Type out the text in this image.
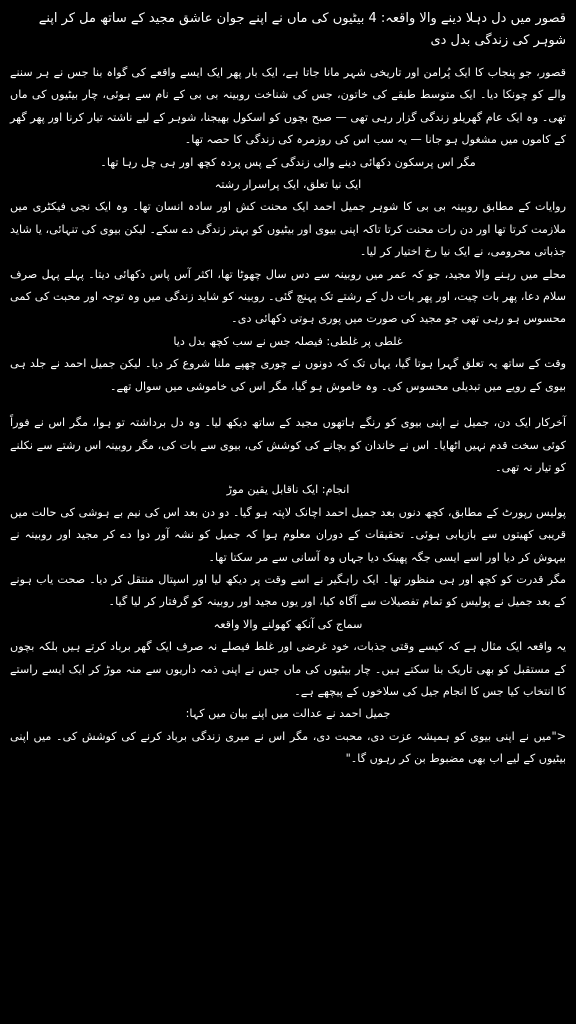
قصور میں دل دہلا دینے والا واقعہ: 4 بیٹیوں کی ماں نے اپنے جوان عاشق مجید کے ساتھ مل کر اپنے شوہر کی زندگی بدل دی

قصور، جو پنجاب کا ایک پُرامن اور تاریخی شہر مانا جاتا ہے، ایک بار پھر ایک ایسے واقعے کی گواہ بنا جس نے ہر سننے والے کو چونکا دیا۔ ایک متوسط طبقے کی خاتون، جس کی شناخت روبینہ بی بی کے نام سے ہوئی، چار بیٹیوں کی ماں تھی۔ وہ ایک عام گھریلو زندگی گزار رہی تھی — صبح بچوں کو اسکول بھیجنا، شوہر کے لیے ناشتہ تیار کرنا اور پھر گھر کے کاموں میں مشغول ہو جانا — یہ سب اس کی روزمرہ کی زندگی کا حصہ تھا۔

مگر اس پرسکون دکھائی دینے والی زندگی کے پس پردہ کچھ اور ہی چل رہا تھا۔

ایک نیا تعلق، ایک پراسرار رشتہ

روایات کے مطابق روبینہ بی بی کا شوہر جمیل احمد ایک محنت کش اور سادہ انسان تھا۔ وہ ایک نجی فیکٹری میں ملازمت کرتا تھا اور دن رات محنت کرتا تاکہ اپنی بیوی اور بیٹیوں کو بہتر زندگی دے سکے۔ لیکن بیوی کی تنہائی، یا شاید جذباتی محرومی، نے ایک نیا رخ اختیار کر لیا۔

محلے میں رہنے والا مجید، جو کہ عمر میں روبینہ سے دس سال چھوٹا تھا، اکثر آس پاس دکھائی دیتا۔ پہلے پہل صرف سلام دعا، پھر بات چیت، اور پھر بات دل کے رشتے تک پہنچ گئی۔ روبینہ کو شاید زندگی میں وہ توجہ اور محبت کی کمی محسوس ہو رہی تھی جو مجید کی صورت میں پوری ہوتی دکھائی دی۔

غلطی پر غلطی: فیصلہ جس نے سب کچھ بدل دیا

وقت کے ساتھ یہ تعلق گہرا ہوتا گیا، یہاں تک کہ دونوں نے چوری چھپے ملنا شروع کر دیا۔ لیکن جمیل احمد نے جلد ہی بیوی کے رویے میں تبدیلی محسوس کی۔ وہ خاموش ہو گیا، مگر اس کی خاموشی میں سوال تھے۔

آخرکار ایک دن، جمیل نے اپنی بیوی کو رنگے ہاتھوں مجید کے ساتھ دیکھ لیا۔ وہ دل برداشتہ تو ہوا، مگر اس نے فوراً کوئی سخت قدم نہیں اٹھایا۔ اس نے خاندان کو بچانے کی کوشش کی، بیوی سے بات کی، مگر روبینہ اس رشتے سے نکلنے کو تیار نہ تھی۔

انجام: ایک ناقابل یقین موڑ

پولیس رپورٹ کے مطابق، کچھ دنوں بعد جمیل احمد اچانک لاپتہ ہو گیا۔ دو دن بعد اس کی نیم بے ہوشی کی حالت میں قریبی کھیتوں سے بازیابی ہوئی۔ تحقیقات کے دوران معلوم ہوا کہ جمیل کو نشہ آور دوا دے کر مجید اور روبینہ نے بیہوش کر دیا اور اسے ایسی جگہ پھینک دیا جہاں وہ آسانی سے مر سکتا تھا۔

مگر قدرت کو کچھ اور ہی منظور تھا۔ ایک راہگیر نے اسے وقت پر دیکھ لیا اور اسپتال منتقل کر دیا۔ صحت یاب ہونے کے بعد جمیل نے پولیس کو تمام تفصیلات سے آگاہ کیا، اور یوں مجید اور روبینہ کو گرفتار کر لیا گیا۔

سماج کی آنکھ کھولنے والا واقعہ

یہ واقعہ ایک مثال ہے کہ کیسے وقتی جذبات، خود غرضی اور غلط فیصلے نہ صرف ایک گھر برباد کرتے ہیں بلکہ بچوں کے مستقبل کو بھی تاریک بنا سکتے ہیں۔ چار بیٹیوں کی ماں جس نے اپنی ذمہ داریوں سے منہ موڑ کر ایک ایسے راستے کا انتخاب کیا جس کا انجام جیل کی سلاخوں کے پیچھے ہے۔

جمیل احمد نے عدالت میں اپنے بیان میں کہا:

<"میں نے اپنی بیوی کو ہمیشہ عزت دی، محبت دی، مگر اس نے میری زندگی برباد کرنے کی کوشش کی۔ میں اپنی بیٹیوں کے لیے اب بھی مضبوط بن کر رہوں گا۔"
